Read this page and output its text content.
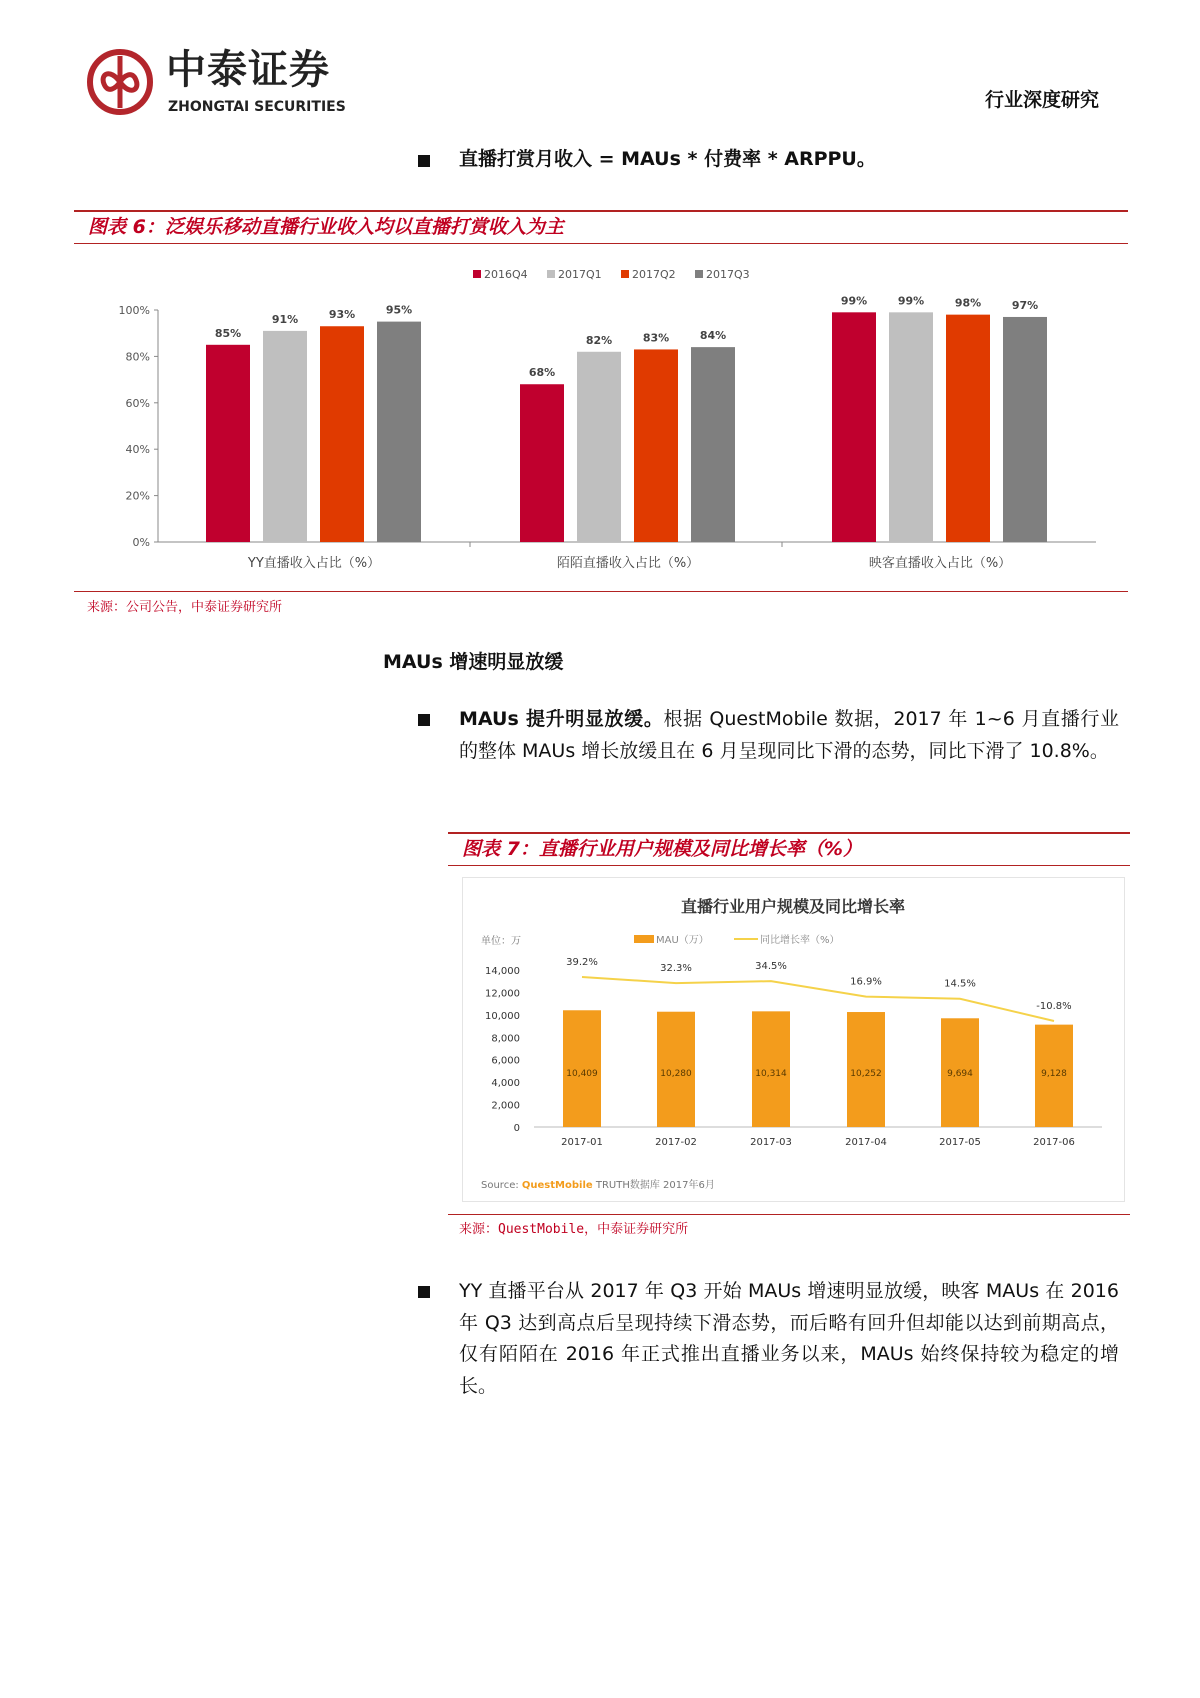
中泰证券
ZHONGTAI SECURITIES	行业深度研究
直播打赏月收入 = MAUs * 付费率 * ARPPU。
图表 6：泛娱乐移动直播行业收入均以直播打赏收入为主
0%
20%
40%
60%
80%
100%
YY直播收入占比（%）
85%
91%	93%	95%
陌陌直播收入占比（%）
68%
82%	83%	84%
映客直播收入占比（%）
99%	99%	98%	97%
2016Q4	2017Q1	2017Q2	2017Q3
来源：公司公告，中泰证券研究所
MAUs 增速明显放缓
MAUs 提升明显放缓。根据 QuestMobile 数据，2017 年 1~6 月直播行业的整体 MAUs 增长放缓且在 6 月呈现同比下滑的态势，同比下滑了 10.8%。
图表 7：直播行业用户规模及同比增长率（%）
直播行业用户规模及同比增长率
单位：万	MAU（万）	同比增长率（%）
0
2,000
4,000
6,000
8,000
10,000
12,000
14,000
10,409
2017-01
39.2%
10,280
2017-02
32.3%
10,314
2017-03
34.5%
10,252
2017-04
16.9%
9,694
2017-05
14.5%
9,128
2017-06
-10.8%
Source: QuestMobile TRUTH数据库 2017年6月
来源：QuestMobile，中泰证券研究所
YY 直播平台从 2017 年 Q3 开始 MAUs 增速明显放缓，映客 MAUs 在 2016 年 Q3 达到高点后呈现持续下滑态势，而后略有回升但却能以达到前期高点，仅有陌陌在 2016 年正式推出直播业务以来，MAUs 始终保持较为稳定的增长。
